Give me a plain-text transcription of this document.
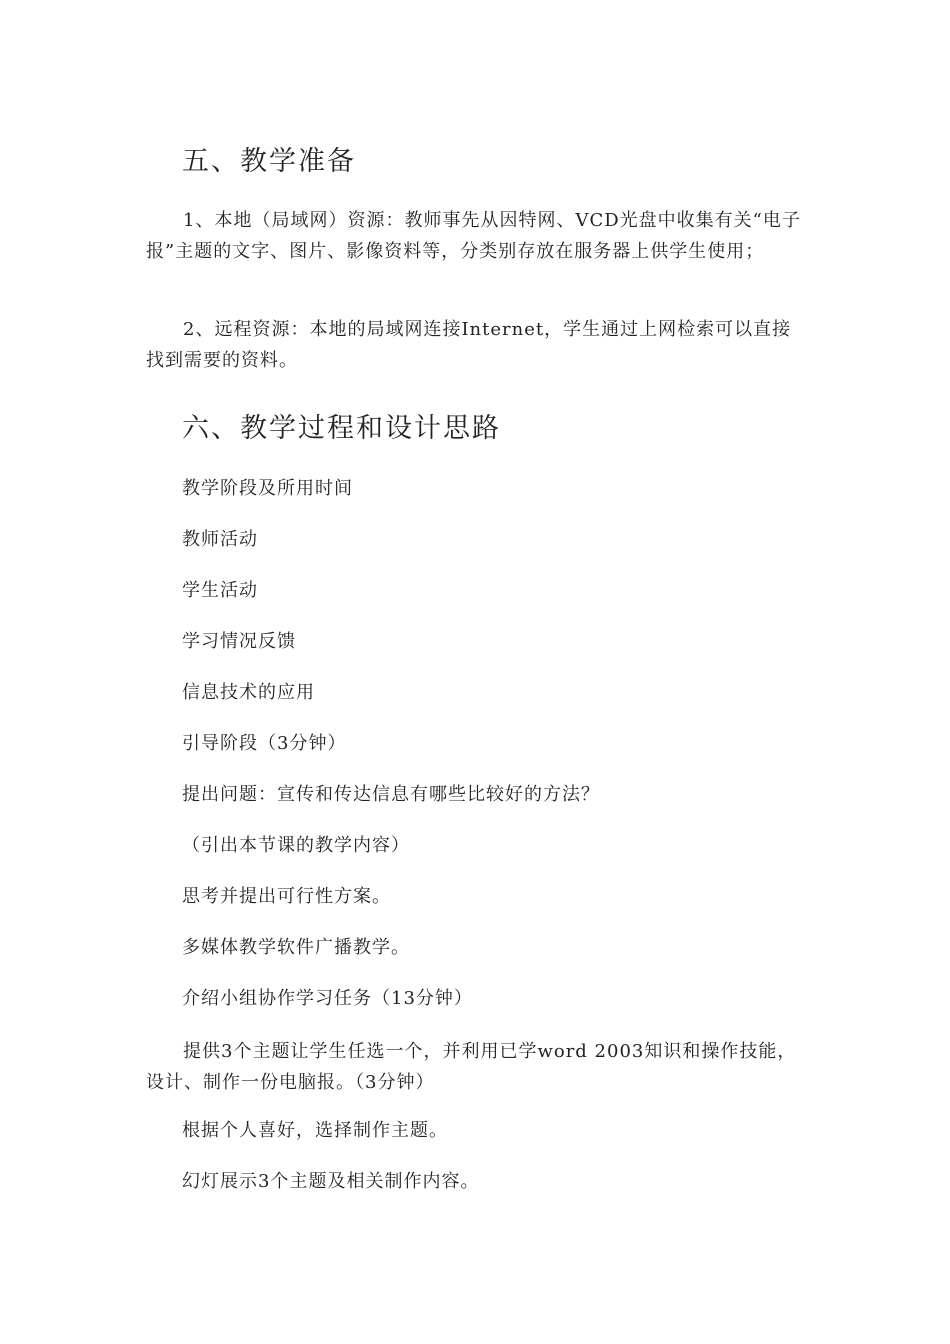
五、教学准备

1、本地（局域网）资源：教师事先从因特网、VCD光盘中收集有关“电子报”主题的文字、图片、影像资料等，分类别存放在服务器上供学生使用；

2、远程资源：本地的局域网连接Internet，学生通过上网检索可以直接找到需要的资料。

六、教学过程和设计思路

教学阶段及所用时间

教师活动

学生活动

学习情况反馈

信息技术的应用

引导阶段（3分钟）

提出问题：宣传和传达信息有哪些比较好的方法？

（引出本节课的教学内容）

思考并提出可行性方案。

多媒体教学软件广播教学。

介绍小组协作学习任务（13分钟）

提供3个主题让学生任选一个，并利用已学word 2003知识和操作技能，设计、制作一份电脑报。（3分钟）

根据个人喜好，选择制作主题。

幻灯展示3个主题及相关制作内容。
